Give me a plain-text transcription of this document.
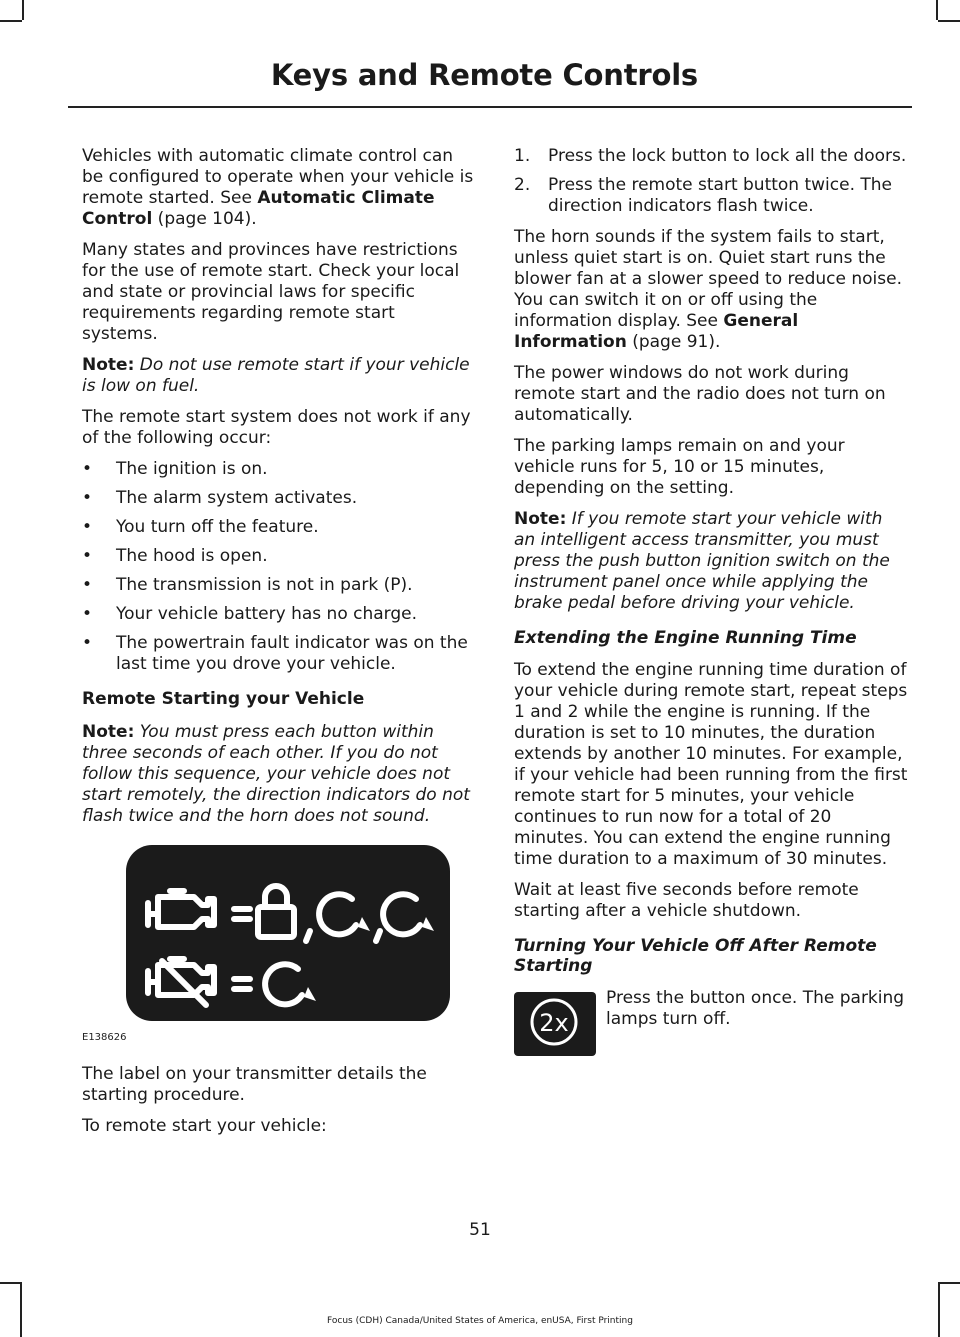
Keys and Remote Controls

Vehicles with automatic climate control can be configured to operate when your vehicle is remote started. See Automatic Climate Control (page 104).

Many states and provinces have restrictions for the use of remote start. Check your local and state or provincial laws for specific requirements regarding remote start systems.

Note: Do not use remote start if your vehicle is low on fuel.

The remote start system does not work if any of the following occur:

• The ignition is on.
• The alarm system activates.
• You turn off the feature.
• The hood is open.
• The transmission is not in park (P).
• Your vehicle battery has no charge.
• The powertrain fault indicator was on the last time you drove your vehicle.
Remote Starting your Vehicle

Note: You must press each button within three seconds of each other. If you do not follow this sequence, your vehicle does not start remotely, the direction indicators do not flash twice and the horn does not sound.

E138626

The label on your transmitter details the starting procedure.

To remote start your vehicle:

1. Press the lock button to lock all the doors.
2. Press the remote start button twice. The direction indicators flash twice.

The horn sounds if the system fails to start, unless quiet start is on. Quiet start runs the blower fan at a slower speed to reduce noise. You can switch it on or off using the information display. See General Information (page 91).

The power windows do not work during remote start and the radio does not turn on automatically.

The parking lamps remain on and your vehicle runs for 5, 10 or 15 minutes, depending on the setting.

Note: If you remote start your vehicle with an intelligent access transmitter, you must press the push button ignition switch on the instrument panel once while applying the brake pedal before driving your vehicle.

Extending the Engine Running Time

To extend the engine running time duration of your vehicle during remote start, repeat steps 1 and 2 while the engine is running. If the duration is set to 10 minutes, the duration extends by another 10 minutes. For example, if your vehicle had been running from the first remote start for 5 minutes, your vehicle continues to run now for a total of 20 minutes. You can extend the engine running time duration to a maximum of 30 minutes.

Wait at least five seconds before remote starting after a vehicle shutdown.

Turning Your Vehicle Off After Remote Starting
2x
Press the button once. The parking lamps turn off.
51
Focus (CDH) Canada/United States of America, enUSA, First Printing
